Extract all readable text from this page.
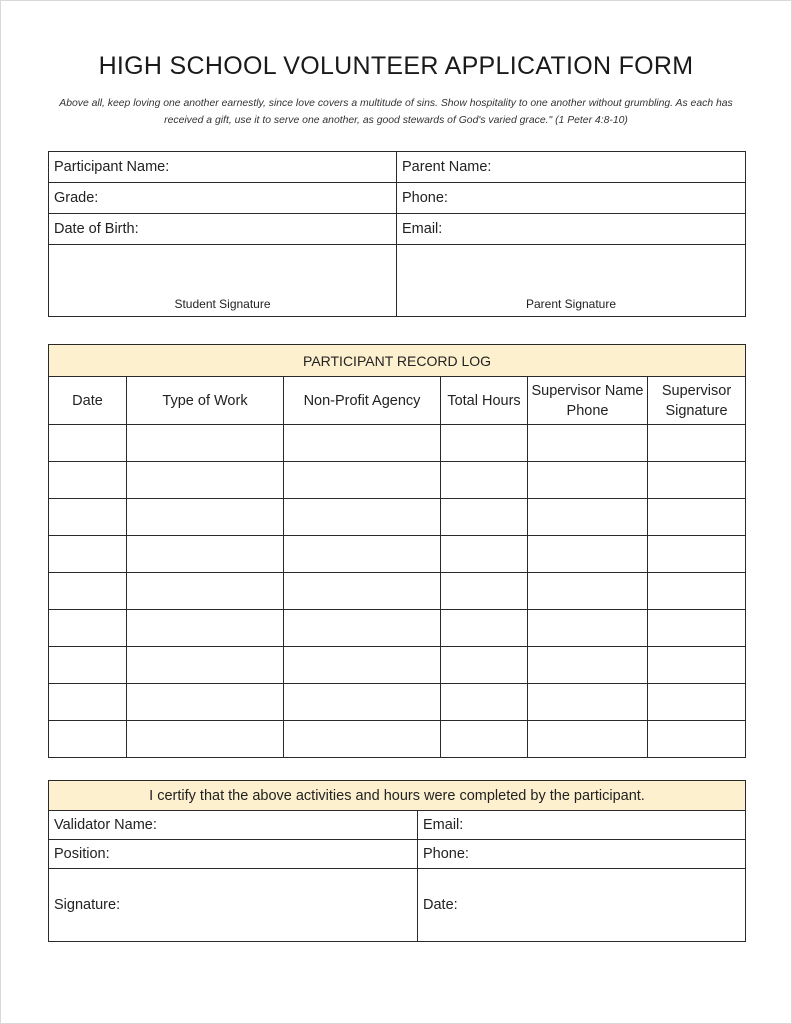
HIGH SCHOOL VOLUNTEER APPLICATION FORM
Above all, keep loving one another earnestly, since love covers a multitude of sins. Show hospitality to one another without grumbling. As each has received a gift, use it to serve one another, as good stewards of God's varied grace." (1 Peter 4:8-10)
Participant Name:	Parent Name:
Grade:	Phone:
Date of Birth:	Email:
Student Signature	Parent Signature
PARTICIPANT RECORD LOG					
Date	Type of Work	Non-Profit Agency	Total Hours	Supervisor Name Phone	Supervisor Signature

I certify that the above activities and hours were completed by the participant.	
Validator Name:	Email:
Position:	Phone:
Signature:	Date:
